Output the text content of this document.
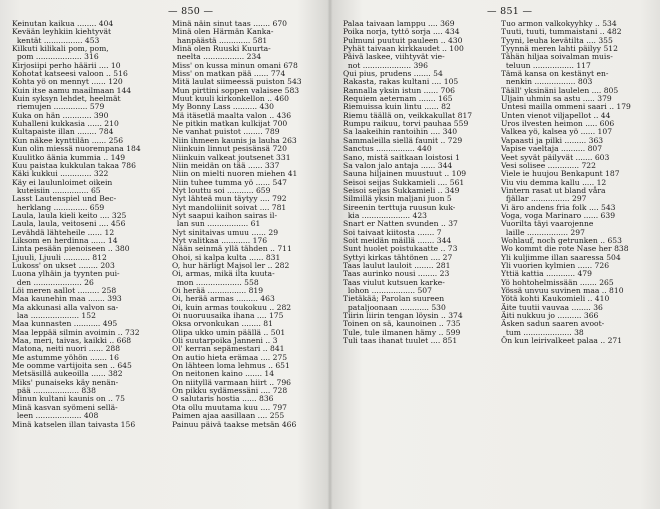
— 850 —	— 851 —
Keinutan kaikua ........ 404
Kevään leyhkiin kiehtyvät
kentät ................ 453
Kilkuti kilikali pom, pom,
pom ................... 316
Kirjosiipi perho häärii .... 10
Kohotat katseesi valoon .. 516
Kohta yö on mennyt ...... 120
Kuin itse aamu maailmaan 144
Kuin syksyn lehdet, heelmät
riemujen .............. 579
Kuka on hän ............ 390
Kuhalleni kukkasia ...... 210
Kultapaiste illan ........ 784
Kun näkee kynttilän ...... 256
Kun olin miessä nuorempana 184
Kuulitko äänia kummia .. 149
Kuu paistaa kukkulan takaa 786
Käki kukkui ............. 322
Käy ei laulunloimet oikein
kuteisiin ............... 65
Lasst Lautenspiel und Bec-
herklang .............. 659
Laula, laula kieli keito .... 325
Laula, laula, veitoseni .... 456
Levähdä lähteheile ...... 12
Liksom en herdinna ...... 14
Linta pesään pienoiseen .. 380
Ljuuli, Ljuuli ........... 812
Lukoss' on ukset ........ 203
Luona ylhäin ja tyynten pui-
den .................... 26
Löi meren aallot ......... 258
Maa kaunehin maa ....... 393
Ma akkunasi alla valvon sa-
laa .................... 152
Maa kunnasten ........... 495
Maa leppää silmin avoimin .. 732
Maa, meri, taivas, kaikki .. 668
Matona, neiti nuori ...... 288
Me astumme yöhön ....... 16
Me oomme vartijoita sen .. 645
Metsäsillä aukeoilla ...... 382
Miks' punaiseks käy nenän-
pää ................... 838
Minun kultani kaunis on .. 75
Minä kasvan syömeni sellä-
leen ................... 408
Minä katselen illan taivasta 156
Minä näin sinut taas ....... 670
Minä olen Härmän Kanka-
hanpäästä ............. 581
Minä olen Ruuski Kuurta-
neelta ................. 234
Miss' on kussa minun omani 678
Miss' on matkan pää ...... 774
Mitä laulat siimeessä puiston 543
Mun pirttini soppen valaisee 583
Muut kuuli kirkonkellon .. 460
My Bonny Lass .......... 430
Mä itäsetlä maalta valon .. 436
Ne pitkin matkan kulkijat 700
Ne vanhat puistot ........ 789
Niin ihmeen kaunis ja lauha 263
Niinkuin linnut pesisänsä 720
Niinkuin valkeat joutsenet 331
Niin meidän on tää ...... 337
Niin on mielti nuoren miehen 41
Niin tuhee tumma yö ...... 547
Nyt louttu soi ........... 659
Nyt lähteä mun täytyy .... 792
Nyt mandoliinit soivat .... 781
Nyt saapui kaihon sairas il-
lan sun ................. 61
Nyt sinitaivas umuu ...... 29
Nyt valitkaa ............ 176
Nään seinmä yllä tähden .. 711
Ohoi, si kalpa kulta ...... 831
O, hur härligt Majsol ler .. 282
Oi, armas, mikä ilta kuuta-
mon ................... 558
Oi herää ................ 819
Oi, herää armas ......... 463
Oi, kuin armas toukokuu .. 282
Oi nuoruusaika ihana .... 175
Oksa orvonkukan ........ 81
Olipa ukko umin päällä .. 501
Oli suutarpoika Janneni .. 3
Ol' kerran sepämestari .. 841
On autio hieta erämaa .... 275
On lähteen loma lehmus .. 651
On neitonen kaino ....... 14
On niityllä varmaan hiirt .. 796
On pikku sydämessäni .... 728
O salutaris hostia ...... 836
Ota ollu muutama kuu .... 797
Paimen ajaa aasillaan .... 255
Painuu päivä taakse metsän 466
Palaa taivaan lamppu .... 369
Poika norja, tyttö sorja .... 434
Pulmuni puutuit pauleen .. 430
Pyhät taivaan kirkkaudet .. 100
Päivä laskee, viihtyvät vie-
not .................... 396
Qui pius, prudens ....... 54
Rakasta, rakas kultani .... 105
Rannalla yksin istun ...... 706
Requiem aeternam ....... 165
Riemuissa kuin lintu ...... 82
Riemu täällä on, veikkakullat 817
Rumpu raikuu, torvi pauhaa 559
Sa laakeihin rantoihin .... 340
Sammaleilla siellä faunit .. 729
Sanctus ................ 440
Sano, mistä saitkaan loistosi 1
Sa valon jalo antaja ...... 344
Sauna hiljainen muustuut .. 109
Seisoi seijas Sukkamieli .... 561
Seisoi seijas Sukkamieli .. 349
Silmillä yksin maljani juon 5
Sireenin terttuja ruusun kuk-
kia .................... 423
Snart er Natten svunden .. 37
Soi taivaat kiitosta ....... 7
Soit meidän mäillä ....... 344
Sunt huolet poistukaatte .. 73
Syttyi kirkas tähtönen .... 27
Taas laulut lauloit ........ 281
Taas aurinko nousi ........ 23
Taas viulut kutsuen karke-
lohon .................. 507
Tietäkää; Parolan suureen
pataljoonaan ............ 530
Tiirin liirin tengan löysin .. 374
Toinen on sä, kaunoinen .. 735
Tule, tule ilmanen hämy .. 599
Tuli taas ihanat tuulet .... 851
Tuo armon valkokyyhky .. 534
Tuuti, tuuti, tummaistani .. 482
Tyyni, leuha kevätilta .... 355
Tyynnä meren lahti päilyy 512
Tähän hiljaa soivalman muis-
teluun ................. 117
Tämä kansa on kestänyt en-
nenkin ................. 803
Tääll' yksinäni laulelen .... 805
Uljain uhmin sa astu ..... 379
Untesi mailla ommeni saari .. 179
Unten vienot viljapellot .. 44
Uros ilvesten heimon ..... 606
Valkea yö, kalsea yö ...... 107
Vapaasti ja pilki ......... 363
Vapise vaeltaja .......... 807
Veet syvät päilyvät ....... 603
Vesi solisee ............. 722
Viele ie huujou Benkapunt 187
Viu viu demma kallu ..... 12
Vintern rasat ut bland våra
fjällar ................ 297
Vi äro andens fria folk .... 543
Voga, voga Marinaro ...... 639
Vuorilta täyi vaarojenne
laille ................. 297
Wohlauf, noch getrunken .. 653
Wo kommt die rote Nase her 838
Yli kuljimme illan saaressa 504
Yli vuorien kylmien ...... 726
Yttiä kattia ............ 479
Yö hohtohelmissään ....... 265
Yössä unvuu suvinen maa .. 810
Yötä kohti Kaukomieli .. 410
Äite tuutii vauvaa ........ 36
Äiti nukkuu jo .......... 366
Äsken sadun saaren avoot-
tum .................... 38
Ön kun leirivalkeet palaa .. 271
